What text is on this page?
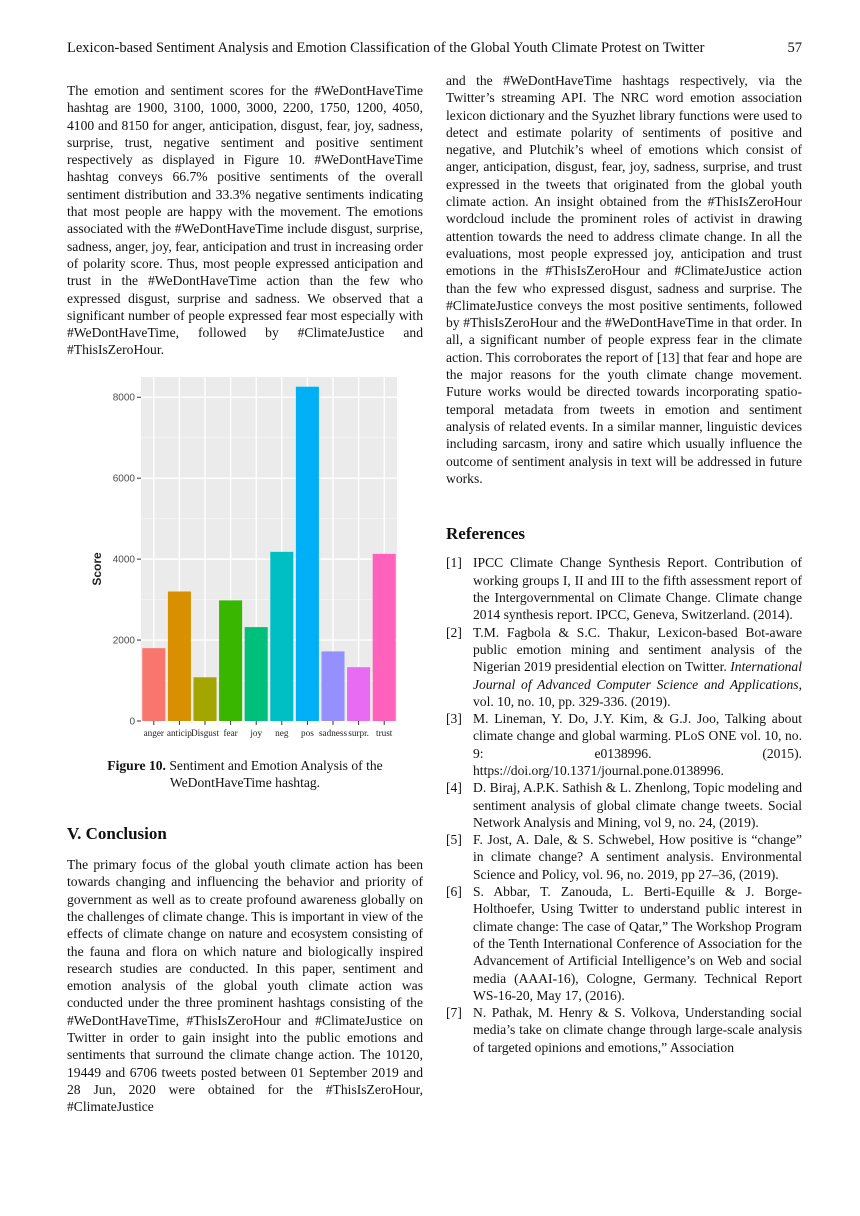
Lexicon-based Sentiment Analysis and Emotion Classification of the Global Youth Climate Protest on Twitter	57

The emotion and sentiment scores for the #WeDontHaveTime hashtag are 1900, 3100, 1000, 3000, 2200, 1750, 1200, 4050, 4100 and 8150 for anger, anticipation, disgust, fear, joy, sadness, surprise, trust, negative sentiment and positive sentiment respectively as displayed in Figure 10. #WeDontHaveTime hashtag conveys 66.7% positive sentiments of the overall sentiment distribution and 33.3% negative sentiments indicating that most people are happy with the movement. The emotions associated with the #WeDontHaveTime include disgust, surprise, sadness, anger, joy, fear, anticipation and trust in increasing order of polarity score. Thus, most people expressed anticipation and trust in the #WeDontHaveTime action than the few who expressed disgust, surprise and sadness. We observed that a significant number of people expressed fear most especially with #WeDontHaveTime, followed by #ClimateJustice and #ThisIsZeroHour.

0
2000
4000
6000
8000
anger anticip Disgust fear joy neg pos sadness surpr. trust
Score
Figure 10. Sentiment and Emotion Analysis of the WeDontHaveTime hashtag.
V. Conclusion

The primary focus of the global youth climate action has been towards changing and influencing the behavior and priority of government as well as to create profound awareness globally on the challenges of climate change. This is important in view of the effects of climate change on nature and ecosystem consisting of the fauna and flora on which nature and biologically inspired research studies are conducted. In this paper, sentiment and emotion analysis of the global youth climate action was conducted under the three prominent hashtags consisting of the #WeDontHaveTime, #ThisIsZeroHour and #ClimateJustice on Twitter in order to gain insight into the public emotions and sentiments that surround the climate change action. The 10120, 19449 and 6706 tweets posted between 01 September 2019 and 28 Jun, 2020 were obtained for the #ThisIsZeroHour, #ClimateJustice

and the #WeDontHaveTime hashtags respectively, via the Twitter’s streaming API. The NRC word emotion association lexicon dictionary and the Syuzhet library functions were used to detect and estimate polarity of sentiments of positive and negative, and Plutchik’s wheel of emotions which consist of anger, anticipation, disgust, fear, joy, sadness, surprise, and trust expressed in the tweets that originated from the global youth climate action. An insight obtained from the #ThisIsZeroHour wordcloud include the prominent roles of activist in drawing attention towards the need to address climate change. In all the evaluations, most people expressed joy, anticipation and trust emotions in the #ThisIsZeroHour and #ClimateJustice action than the few who expressed disgust, sadness and surprise. The #ClimateJustice conveys the most positive sentiments, followed by #ThisIsZeroHour and the #WeDontHaveTime in that order. In all, a significant number of people express fear in the climate action. This corroborates the report of [13] that fear and hope are the major reasons for the youth climate change movement. Future works would be directed towards incorporating spatio-temporal metadata from tweets in emotion and sentiment analysis of related events. In a similar manner, linguistic devices including sarcasm, irony and satire which usually influence the outcome of sentiment analysis in text will be addressed in future works.

References
[1] IPCC Climate Change Synthesis Report. Contribution of working groups I, II and III to the fifth assessment report of the Intergovernmental on Climate Change. Climate change 2014 synthesis report. IPCC, Geneva, Switzerland. (2014).
[2] T.M. Fagbola & S.C. Thakur, Lexicon-based Bot-aware public emotion mining and sentiment analysis of the Nigerian 2019 presidential election on Twitter. International Journal of Advanced Computer Science and Applications, vol. 10, no. 10, pp. 329-336. (2019).
[3] M. Lineman, Y. Do, J.Y. Kim, & G.J. Joo, Talking about climate change and global warming. PLoS ONE vol. 10, no. 9: e0138996. (2015). https://doi.org/10.1371/journal.pone.0138996.
[4] D. Biraj, A.P.K. Sathish & L. Zhenlong, Topic modeling and sentiment analysis of global climate change tweets. Social Network Analysis and Mining, vol 9, no. 24, (2019).
[5] F. Jost, A. Dale, & S. Schwebel, How positive is “change” in climate change? A sentiment analysis. Environmental Science and Policy, vol. 96, no. 2019, pp 27–36, (2019).
[6] S. Abbar, T. Zanouda, L. Berti-Equille & J. Borge-Holthoefer, Using Twitter to understand public interest in climate change: The case of Qatar,” The Workshop Program of the Tenth International Conference of Association for the Advancement of Artificial Intelligence’s on Web and social media (AAAI-16), Cologne, Germany. Technical Report WS-16-20, May 17, (2016).
[7] N. Pathak, M. Henry & S. Volkova, Understanding social media’s take on climate change through large-scale analysis of targeted opinions and emotions,” Association
